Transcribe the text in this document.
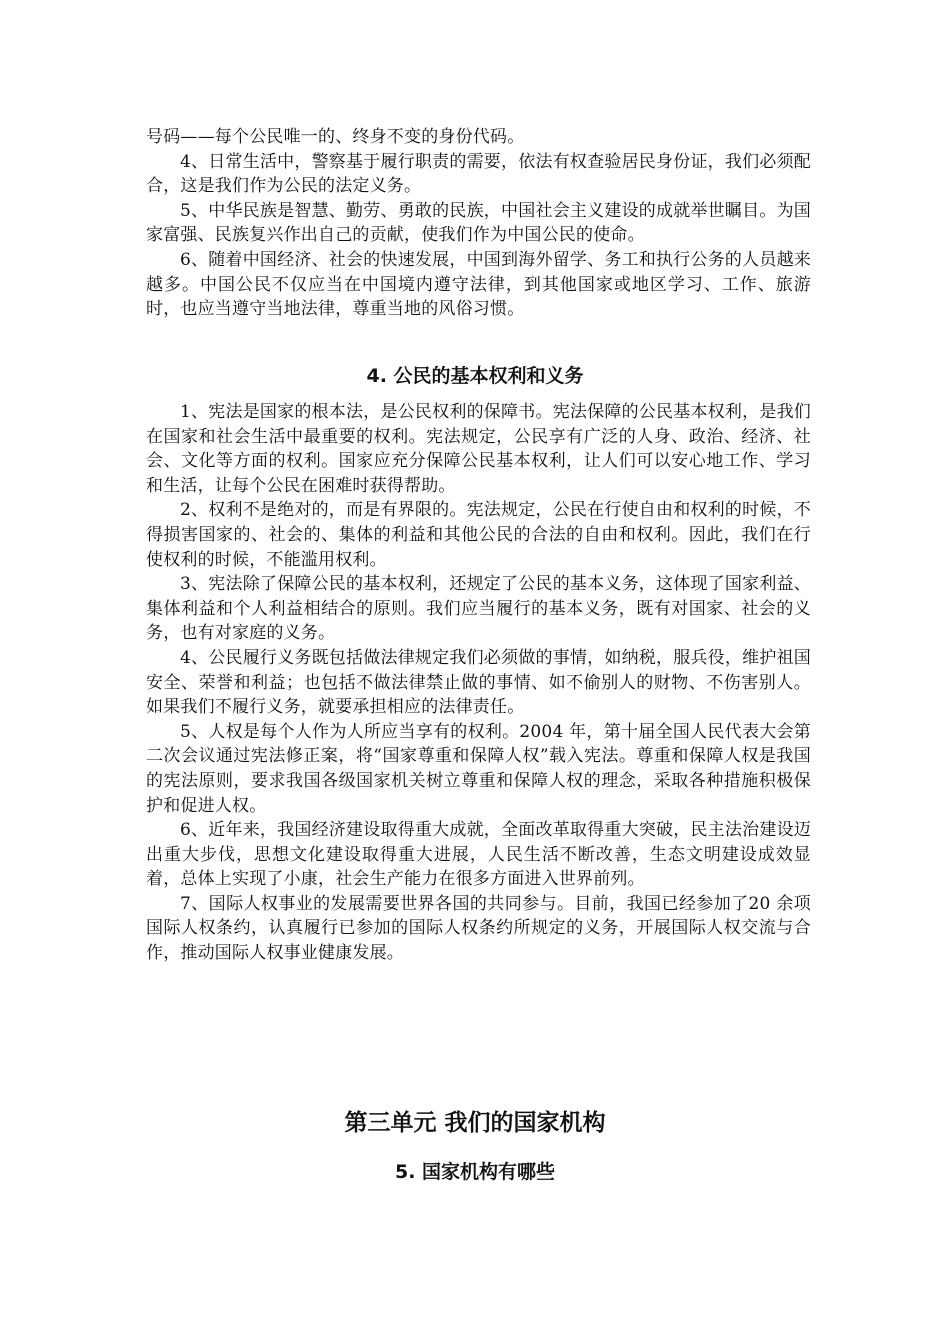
号码——每个公民唯一的、终身不变的身份代码。

4、日常生活中，警察基于履行职责的需要，依法有权查验居民身份证，我们必须配合，这是我们作为公民的法定义务。

5、中华民族是智慧、勤劳、勇敢的民族，中国社会主义建设的成就举世瞩目。为国家富强、民族复兴作出自己的贡献，使我们作为中国公民的使命。

6、随着中国经济、社会的快速发展，中国到海外留学、务工和执行公务的人员越来越多。中国公民不仅应当在中国境内遵守法律，到其他国家或地区学习、工作、旅游时，也应当遵守当地法律，尊重当地的风俗习惯。

4. 公民的基本权利和义务

1、宪法是国家的根本法，是公民权利的保障书。宪法保障的公民基本权利，是我们在国家和社会生活中最重要的权利。宪法规定，公民享有广泛的人身、政治、经济、社会、文化等方面的权利。国家应充分保障公民基本权利，让人们可以安心地工作、学习和生活，让每个公民在困难时获得帮助。

2、权利不是绝对的，而是有界限的。宪法规定，公民在行使自由和权利的时候，不得损害国家的、社会的、集体的利益和其他公民的合法的自由和权利。因此，我们在行使权利的时候，不能滥用权利。

3、宪法除了保障公民的基本权利，还规定了公民的基本义务，这体现了国家利益、集体利益和个人利益相结合的原则。我们应当履行的基本义务，既有对国家、社会的义务，也有对家庭的义务。

4、公民履行义务既包括做法律规定我们必须做的事情，如纳税，服兵役，维护祖国安全、荣誉和利益；也包括不做法律禁止做的事情、如不偷别人的财物、不伤害别人。如果我们不履行义务，就要承担相应的法律责任。

5、人权是每个人作为人所应当享有的权利。2004 年，第十届全国人民代表大会第二次会议通过宪法修正案，将“国家尊重和保障人权”载入宪法。尊重和保障人权是我国的宪法原则，要求我国各级国家机关树立尊重和保障人权的理念，采取各种措施积极保护和促进人权。

6、近年来，我国经济建设取得重大成就，全面改革取得重大突破，民主法治建设迈出重大步伐，思想文化建设取得重大进展，人民生活不断改善，生态文明建设成效显着，总体上实现了小康，社会生产能力在很多方面进入世界前列。

7、国际人权事业的发展需要世界各国的共同参与。目前，我国已经参加了20 余项国际人权条约，认真履行已参加的国际人权条约所规定的义务，开展国际人权交流与合作，推动国际人权事业健康发展。

第三单元 我们的国家机构
5. 国家机构有哪些
